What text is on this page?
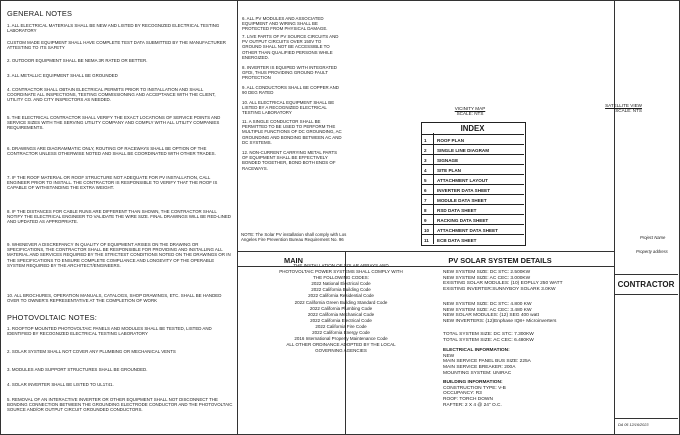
GENERAL NOTES

1. ALL ELECTRICAL MATERIALS SHALL BE NEW AND LISTED BY RECOGNIZED ELECTRICAL TESTING LABORATORY

CUSTOM MADE EQUIPMENT SHALL HAVE COMPLETE TEST DATA SUBMITTED BY THE MANUFACTURER ATTESTING TO ITS SAFETY

2. OUTDOOR EQUIPMENT SHALL BE NEMA 3R RATED OR BETTER.

3. ALL METALLIC EQUIPMENT SHALL BE GROUNDED

4. CONTRACTOR SHALL OBTAIN ELECTRICAL PERMITS PRIOR TO INSTALLATION AND SHALL COORDINATE ALL INSPECTIONS, TESTING COMMISSIONING AND ACCEPTANCE WITH THE CLIENT, UTILITY CO. AND CITY INSPECTORS AS NEEDED.

5. THE ELECTRICAL CONTRACTOR SHALL VERIFY THE EXACT LOCATIONS OF SERVICE POINTS AND SERVICE SIZES WITH THE SERVING UTILITY COMPANY AND COMPLY WITH ALL UTILITY COMPANIES REQUIREMENTS.

6. DRAWINGS ARE DIAGRAMMATIC ONLY, ROUTING OF RACEWAYS SHALL BE OPTION OF THE CONTRACTOR UNLESS OTHERWISE NOTED AND SHALL BE COORDINATED WITH OTHER TRADES.

7. IF THE ROOF MATERIAL OR ROOF STRUCTURE NOT ADEQUATE FOR PV INSTALLATION, CALL ENGINEER PRIOR TO INSTALL. THE CONTRACTOR IS RESPONSIBLE TO VERIFY THAT THE ROOF IS CAPABLE OF WITHSTANDING THE EXTRA WEIGHT.

8. IF THE DISTANCES FOR CABLE RUNS ARE DIFFERENT THAN SHOWN, THE CONTRACTOR SHALL NOTIFY THE ELECTRICAL ENGINEER TO VALIDATE THE WIRE SIZE. FINAL DRAWINGS WILL BE RED-LINED AND UPDATED AS APPROPRIATE.

9. WHENEVER A DISCREPANCY IN QUALITY OF EQUIPMENT ARISES ON THE DRAWING OR SPECIFICATIONS, THE CONTRACTOR SHALL BE RESPONSIBLE FOR PROVIDING AND INSTALLING ALL MATERIAL AND SERVICES REQUIRED BY THE STRICTEST CONDITIONS NOTED ON THE DRAWINGS OR IN THE SPECIFICATIONS TO ENSURE COMPLETE COMPLIANCE AND LONGEVITY OF THE OPERABLE SYSTEM REQUIRED BY THE ARCHITECT/ENGINEERS.

10. ALL BROCHURES, OPERATION MANUALS, CATALOGS, SHOP DRAWINGS, ETC. SHALL BE HANDED OVER TO OWNER'S REPRESENTATIVE AT THE COMPLETION OF WORK

PHOTOVOLTAIC NOTES:

1. ROOFTOP MOUNTED PHOTOVOLTAIC PANELS AND MODULES SHALL BE TESTED, LISTED AND IDENTIFIED BY RECOGNIZED ELECTRICAL TESTING LABORATORY

2. SOLAR SYSTEM SHALL NOT COVER ANY PLUMBING OR MECHANICAL VENTS

3. MODULES AND SUPPORT STRUCTURES SHALL BE GROUNDED.

4. SOLAR INVERTER SHALL BE LISTED TO UL1741.

5. REMOVAL OF AN INTERACTIVE INVERTER OR OTHER EQUIPMENT SHALL NOT DISCONNECT THE BONDING CONNECTION BETWEEN THE GROUNDING ELECTRODE CONDUCTOR AND THE PHOTOVOLTAIC SOURCE AND/OR OUTPUT CIRCUIT GROUNDED CONDUCTORS.

6. ALL PV MODULES AND ASSOCIATED EQUIPMENT AND WIRING SHALL BE PROTECTED FROM PHYSICAL DAMAGE.

7. LIVE PARTS OF PV SOURCE CIRCUITS AND PV OUTPUT CIRCUITS OVER 150V TO GROUND SHALL NOT BE ACCESSIBLE TO OTHER THAN QUALIFIED PERSONS WHILE ENERGIZED.

8. INVERTER IS EQUIPED WITH INTEGRATED GFDI, THUS PROVIDING GROUND FAULT PROTECTION

9. ALL CONDUCTORS SHALL BE COPPER AND 90 DEG RATED

10. ALL ELECTRICAL EQUIPMENT SHALL BE LISTED BY A RECOGNIZED ELECTRICAL TESTING LABORATORY

11. A SINGLE CONDUCTOR SHALL BE PERMITTED TO BE USED TO PERFORM THE MULTIPLE FUNCTIONS OF DC GROUNDING, AC GROUNDING AND BONDING BETWEEN AC AND DC SYSTEMS.

12. NON-CURRENT CARRYING METAL PARTS OF EQUIPMENT SHALL BE EFFECTIVELY BONDED TOGETHER, BOND BOTH ENDS OF RACEWAYS.

NOTE: The Solar PV installation shall comply with Los Angeles Fire Prevention Bureau Requirement No. 96

VICINITY MAP
SCALE: NTS
SATELLITE VIEW
SCALE: NTS
INDEX
1 ROOF PLAN
2 SINGLE LINE DIAGRAM
3 SIGNAGE
4 SITE PLAN
5 ATTACHMENT LAYOUT
6 INVERTER DATA SHEET
7 MODULE DATA SHEET
8 RSD DATA SHEET
9 RACKING DATA SHEET
10 ATTACHMENT DATA SHEET
11 ECB DATA SHEET
MAIN
THE INSTALLATION OF SOLAR ARRAYS AND
PHOTOVOLTAIC POWER SYSTEMS SHALL COMPLY WITH
THE FOLLOWING CODES:
2022 National Electrical Code
2022 California Building Code
2022 California Residential Code
2022 California Green Building Standard Code
2022 California Plumbing Code
2022 California Mechanical Code
2022 California Electrical Code
2022 California Fire Code
2022 California Energy Code
2016 International Property Maintenance Code
ALL OTHER ORDINANCE ADOPTED BY THE LOCAL
GOVERNING AGENCIES
PV SOLAR SYSTEM DETAILS
NEW SYSTEM SIZE: DC STC: 2.500KW
NEW SYSTEM SIZE: AC CEC: 3.000KW
EXISTING SOLAR MODULES: (10) EOPLLY 250 WATT
EXISTING INVERTER:SUNNYBOY SOLARK 3.0KW
NEW SYSTEM SIZE: DC STC: 4.800 KW
NEW SYSTEM SIZE: AC CEC: 3.480 KW
NEW SOLAR MODULES: (12) SEG 400 watt
NEW INVERTERS: (12)Enphase IQ8+ Microinverters
TOTAL SYSTEM SIZE: DC STC: 7.300KW
TOTAL SYSTEM SIZE: AC CEC: 6.480KW
ELECTRICAL INFORMATION:
NEW
MAIN SERVICE PANEL BUS SIZE: 225A
MAIN SERVICE BREAKER: 200A
MOUNTING SYSTEM: UNIRAC
BUILDING INFORMATION:
CONSTRUCTION TYPE: V-B
OCCUPANCY: R3
ROOF: TORCH DOWN
RAFTER: 2 X 4 @ 24" O.C.
Project Name
Property address
CONTRACTOR
DA 05 12/16/2023
